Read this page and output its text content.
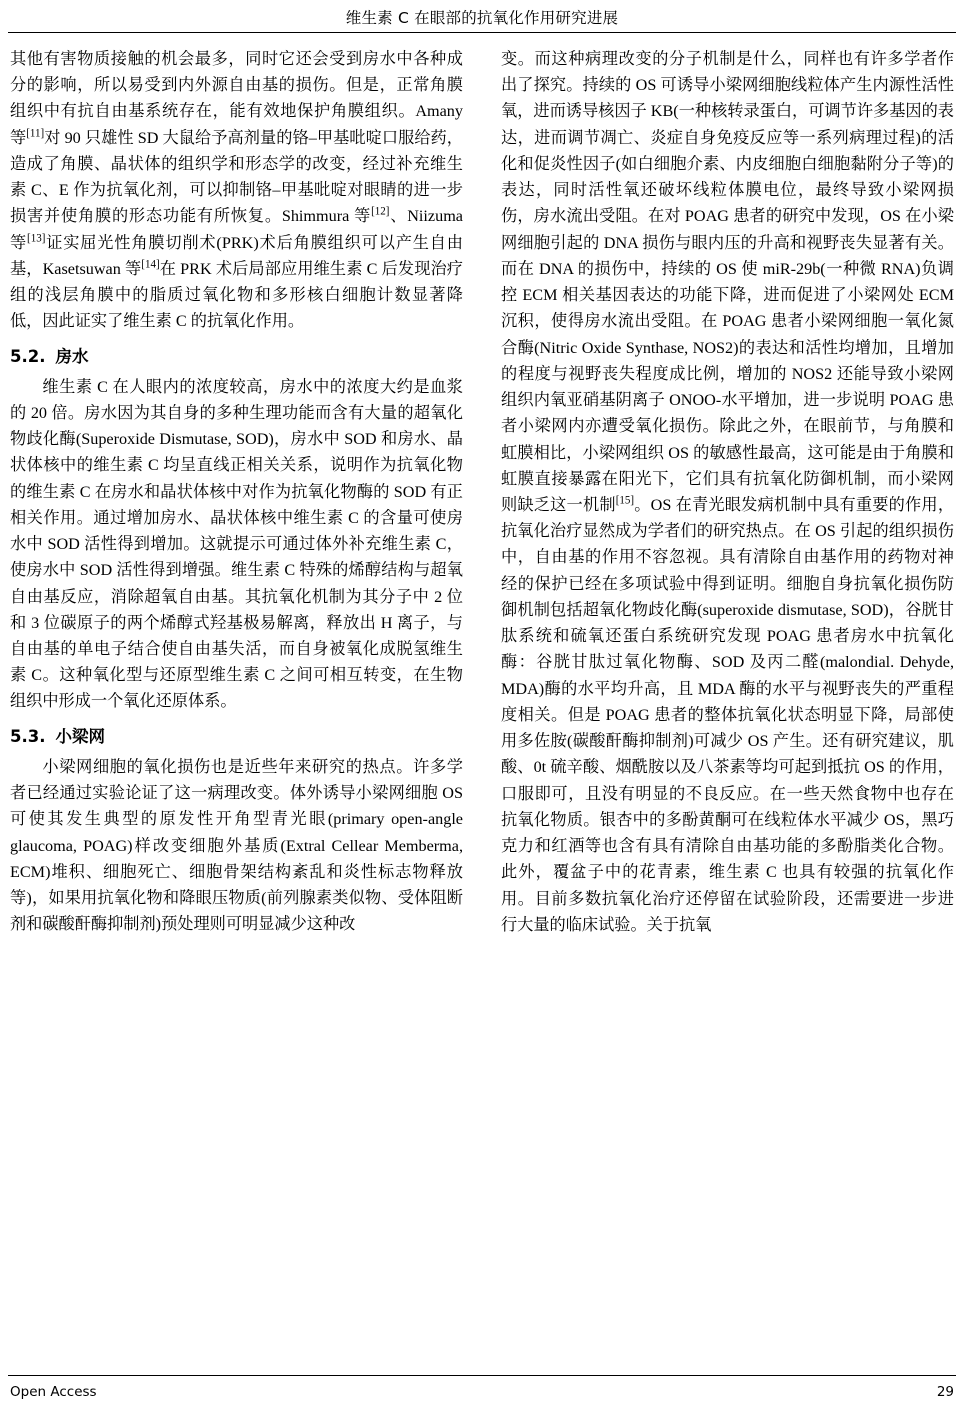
维生素 C 在眼部的抗氧化作用研究进展

其他有害物质接触的机会最多，同时它还会受到房水中各种成分的影响，所以易受到内外源自由基的损伤。但是，正常角膜组织中有抗自由基系统存在，能有效地保护角膜组织。Amany 等[11]对 90 只雄性 SD 大鼠给予高剂量的铬‒甲基吡啶口服给药，造成了角膜、晶状体的组织学和形态学的改变，经过补充维生素 C、E 作为抗氧化剂，可以抑制铬‒甲基吡啶对眼睛的进一步损害并使角膜的形态功能有所恢复。Shimmura 等[12]、Niizuma 等[13]证实屈光性角膜切削术(PRK)术后角膜组织可以产生自由基，Kasetsuwan 等[14]在 PRK 术后局部应用维生素 C 后发现治疗组的浅层角膜中的脂质过氧化物和多形核白细胞计数显著降低，因此证实了维生素 C 的抗氧化作用。

5.2. 房水

维生素 C 在人眼内的浓度较高，房水中的浓度大约是血浆的 20 倍。房水因为其自身的多种生理功能而含有大量的超氧化物歧化酶(Superoxide Dismutase, SOD)，房水中 SOD 和房水、晶状体核中的维生素 C 均呈直线正相关关系，说明作为抗氧化物的维生素 C 在房水和晶状体核中对作为抗氧化物酶的 SOD 有正相关作用。通过增加房水、晶状体核中维生素 C 的含量可使房水中 SOD 活性得到增加。这就提示可通过体外补充维生素 C，使房水中 SOD 活性得到增强。维生素 C 特殊的烯醇结构与超氧自由基反应，消除超氧自由基。其抗氧化机制为其分子中 2 位和 3 位碳原子的两个烯醇式羟基极易解离，释放出 H 离子，与自由基的单电子结合使自由基失活，而自身被氧化成脱氢维生素 C。这种氧化型与还原型维生素 C 之间可相互转变，在生物组织中形成一个氧化还原体系。

5.3. 小梁网

小梁网细胞的氧化损伤也是近些年来研究的热点。许多学者已经通过实验论证了这一病理改变。体外诱导小梁网细胞 OS 可使其发生典型的原发性开角型青光眼(primary open-angle glaucoma, POAG)样改变细胞外基质(Extral Cellear Memberma, ECM)堆积、细胞死亡、细胞骨架结构紊乱和炎性标志物释放等)，如果用抗氧化物和降眼压物质(前列腺素类似物、受体阻断剂和碳酸酐酶抑制剂)预处理则可明显减少这种改

变。而这种病理改变的分子机制是什么，同样也有许多学者作出了探究。持续的 OS 可诱导小梁网细胞线粒体产生内源性活性氧，进而诱导核因子 KB(一种核转录蛋白，可调节许多基因的表达，进而调节凋亡、炎症自身免疫反应等一系列病理过程)的活化和促炎性因子(如白细胞介素、内皮细胞白细胞黏附分子等)的表达，同时活性氧还破坏线粒体膜电位，最终导致小梁网损伤，房水流出受阻。在对 POAG 患者的研究中发现，OS 在小梁网细胞引起的 DNA 损伤与眼内压的升高和视野丧失显著有关。而在 DNA 的损伤中，持续的 OS 使 miR-29b(一种微 RNA)负调控 ECM 相关基因表达的功能下降，进而促进了小梁网处 ECM 沉积，使得房水流出受阻。在 POAG 患者小梁网细胞一氧化氮合酶(Nitric Oxide Synthase, NOS2)的表达和活性均增加，且增加的程度与视野丧失程度成比例，增加的 NOS2 还能导致小梁网组织内氧亚硝基阴离子 ONOO-水平增加，进一步说明 POAG 患者小梁网内亦遭受氧化损伤。除此之外，在眼前节，与角膜和虹膜相比，小梁网组织 OS 的敏感性最高，这可能是由于角膜和虹膜直接暴露在阳光下，它们具有抗氧化防御机制，而小梁网则缺乏这一机制[15]。OS 在青光眼发病机制中具有重要的作用，抗氧化治疗显然成为学者们的研究热点。在 OS 引起的组织损伤中，自由基的作用不容忽视。具有清除自由基作用的药物对神经的保护已经在多项试验中得到证明。细胞自身抗氧化损伤防御机制包括超氧化物歧化酶(superoxide dismutase, SOD)，谷胱甘肽系统和硫氧还蛋白系统研究发现 POAG 患者房水中抗氧化酶：谷胱甘肽过氧化物酶、SOD 及丙二醛(malondial. Dehyde, MDA)酶的水平均升高，且 MDA 酶的水平与视野丧失的严重程度相关。但是 POAG 患者的整体抗氧化状态明显下降，局部使用多佐胺(碳酸酐酶抑制剂)可减少 OS 产生。还有研究建议，肌酸、0t 硫辛酸、烟酰胺以及八茶素等均可起到抵抗 OS 的作用，口服即可，且没有明显的不良反应。在一些天然食物中也存在抗氧化物质。银杏中的多酚黄酮可在线粒体水平减少 OS，黑巧克力和红酒等也含有具有清除自由基功能的多酚脂类化合物。此外，覆盆子中的花青素，维生素 C 也具有较强的抗氧化作用。目前多数抗氧化治疗还停留在试验阶段，还需要进一步进行大量的临床试验。关于抗氧

Open Access	29
